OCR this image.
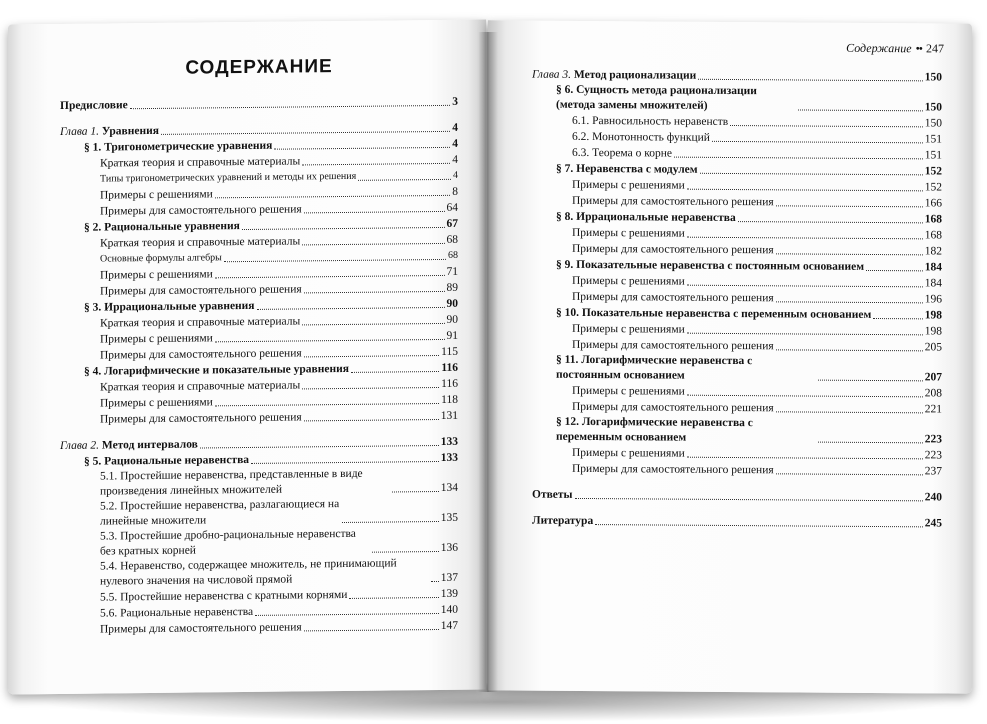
СОДЕРЖАНИЕ
Предисловие	3
Глава 1. Уравнения	4
§ 1. Тригонометрические уравнения	4
Краткая теория и справочные материалы	4
Типы тригонометрических уравнений и методы их решения	4
Примеры с решениями	8
Примеры для самостоятельного решения	64
§ 2. Рациональные уравнения	67
Краткая теория и справочные материалы	68
Основные формулы алгебры	68
Примеры с решениями	71
Примеры для самостоятельного решения	89
§ 3. Иррациональные уравнения	90
Краткая теория и справочные материалы	90
Примеры с решениями	91
Примеры для самостоятельного решения	115
§ 4. Логарифмические и показательные уравнения	116
Краткая теория и справочные материалы	116
Примеры с решениями	118
Примеры для самостоятельного решения	131
Глава 2. Метод интервалов	133
§ 5. Рациональные неравенства	133
5.1. Простейшие неравенства, представленные в виде произведения линейных множителей	134
5.2. Простейшие неравенства, разлагающиеся на линейные множители	135
5.3. Простейшие дробно-рациональные неравенства без кратных корней	136
5.4. Неравенство, содержащее множитель, не принимающий нулевого значения на числовой прямой	137
5.5. Простейшие неравенства с кратными корнями	139
5.6. Рациональные неравенства	140
Примеры для самостоятельного решения	147
Содержание •• 247
Глава 3. Метод рационализации	150
§ 6. Сущность метода рационализации (метода замены множителей)	150
6.1. Равносильность неравенств	150
6.2. Монотонность функций	151
6.3. Теорема о корне	151
§ 7. Неравенства с модулем	152
Примеры с решениями	152
Примеры для самостоятельного решения	166
§ 8. Иррациональные неравенства	168
Примеры с решениями	168
Примеры для самостоятельного решения	182
§ 9. Показательные неравенства с постоянным основанием	184
Примеры с решениями	184
Примеры для самостоятельного решения	196
§ 10. Показательные неравенства с переменным основанием	198
Примеры с решениями	198
Примеры для самостоятельного решения	205
§ 11. Логарифмические неравенства с постоянным основанием	207
Примеры с решениями	208
Примеры для самостоятельного решения	221
§ 12. Логарифмические неравенства с переменным основанием	223
Примеры с решениями	223
Примеры для самостоятельного решения	237
Ответы	240
Литература	245
